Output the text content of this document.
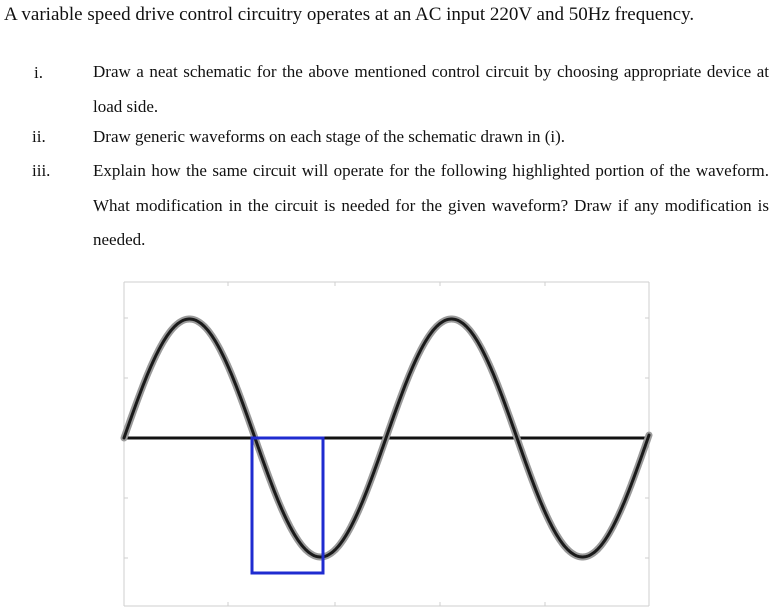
A variable speed drive control circuitry operates at an AC input 220V and 50Hz frequency.
i.	Draw a neat schematic for the above mentioned control circuit by choosing appropriate device at load side.
ii.	Draw generic waveforms on each stage of the schematic drawn in (i).
iii.	Explain how the same circuit will operate for the following highlighted portion of the waveform. What modification in the circuit is needed for the given waveform? Draw if any modification is needed.
